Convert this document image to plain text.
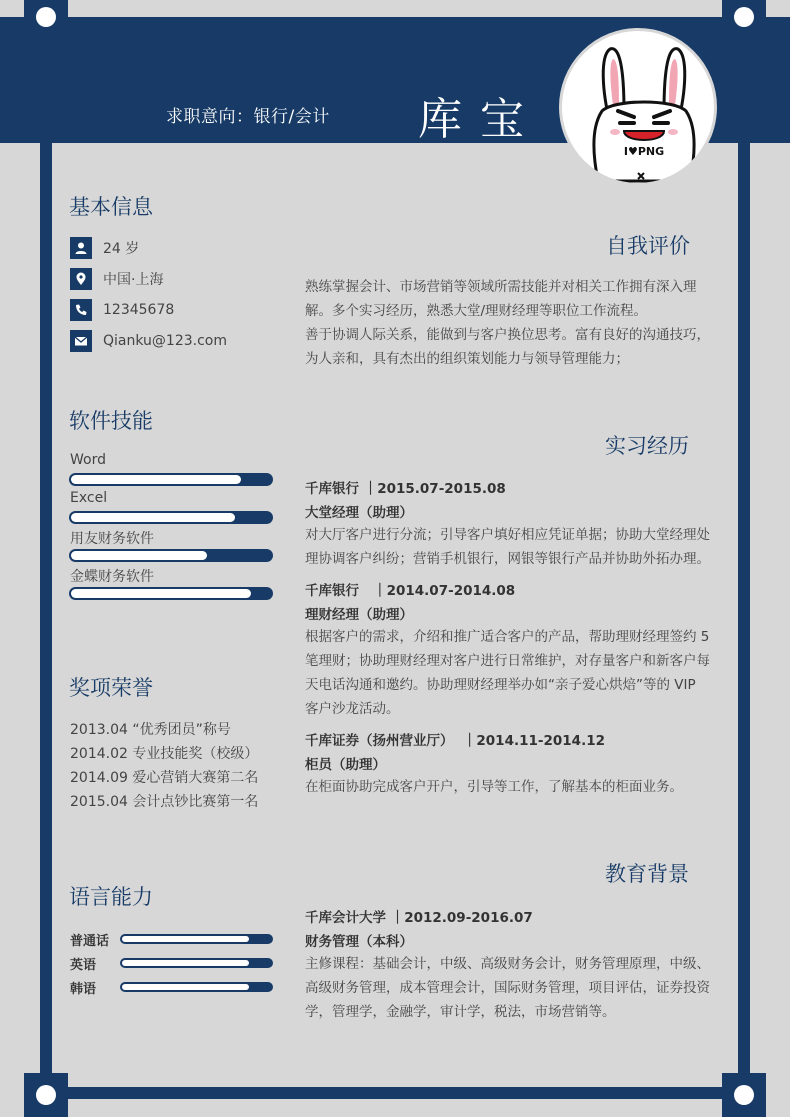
求职意向：银行/会计 库宝
I♥PNG
基本信息
24 岁
中国·上海
12345678
Qianku@123.com
软件技能
Word
Excel
用友财务软件
金蝶财务软件
奖项荣誉
2013.04 “优秀团员”称号
2014.02 专业技能奖（校级）
2014.09 爱心营销大赛第二名
2015.04 会计点钞比赛第一名
语言能力
普通话
英语
韩语
自我评价
熟练掌握会计、市场营销等领域所需技能并对相关工作拥有深入理
解。多个实习经历，熟悉大堂/理财经理等职位工作流程。
善于协调人际关系，能做到与客户换位思考。富有良好的沟通技巧，
为人亲和，具有杰出的组织策划能力与领导管理能力；
实习经历
千库银行 ｜2015.07-2015.08
大堂经理（助理）
对大厅客户进行分流；引导客户填好相应凭证单据；协助大堂经理处
理协调客户纠纷；营销手机银行，网银等银行产品并协助外拓办理。
千库银行   ｜2014.07-2014.08
理财经理（助理）
根据客户的需求，介绍和推广适合客户的产品，帮助理财经理签约 5
笔理财；协助理财经理对客户进行日常维护，对存量客户和新客户每
天电话沟通和邀约。协助理财经理举办如“亲子爱心烘焙”等的 VIP
客户沙龙活动。
千库证券（扬州营业厅）  ｜2014.11-2014.12
柜员（助理）
在柜面协助完成客户开户，引导等工作，了解基本的柜面业务。
教育背景
千库会计大学 ｜2012.09-2016.07
财务管理（本科）
主修课程：基础会计，中级、高级财务会计，财务管理原理，中级、
高级财务管理，成本管理会计，国际财务管理，项目评估，证券投资
学，管理学，金融学，审计学，税法，市场营销等。
